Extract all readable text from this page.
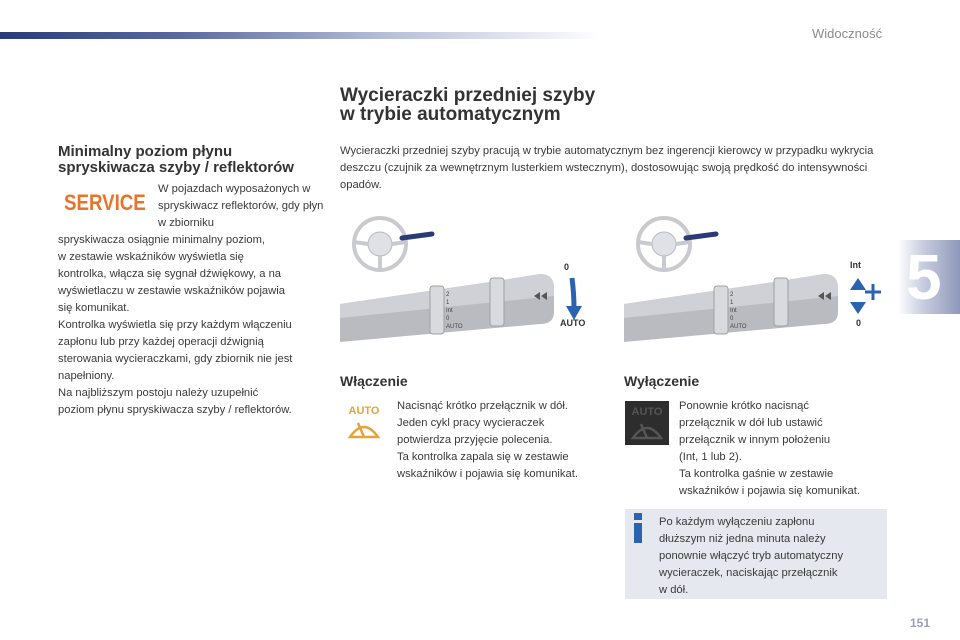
Widoczność
5
151
Minimalny poziom płynu spryskiwacza szyby / reflektorów
SERVICE
W pojazdach wyposażonych w spryskiwacz reflektorów, gdy płyn w zbiorniku
spryskiwacza osiągnie minimalny poziom,
w zestawie wskaźników wyświetla się
kontrolka, włącza się sygnał dźwiękowy, a na
wyświetlaczu w zestawie wskaźników pojawia
się komunikat.
Kontrolka wyświetla się przy każdym włączeniu
zapłonu lub przy każdej operacji dźwignią
sterowania wycieraczkami, gdy zbiornik nie jest
napełniony.
Na najbliższym postoju należy uzupełnić
poziom płynu spryskiwacza szyby / reflektorów.
Wycieraczki przedniej szyby w trybie automatycznym
Wycieraczki przedniej szyby pracują w trybie automatycznym bez ingerencji kierowcy w przypadku wykrycia deszczu (czujnik za wewnętrznym lusterkiem wstecznym), dostosowując swoją prędkość do intensywności opadów.
2
1
Int
0
AUTO
0
AUTO
2
1
Int
0
AUTO
Int
0
Włączenie
AUTO Nacisnąć krótko przełącznik w dół.
Jeden cykl pracy wycieraczek
potwierdza przyjęcie polecenia.
Ta kontrolka zapala się w zestawie
wskaźników i pojawia się komunikat.
Wyłączenie
AUTO Ponownie krótko nacisnąć
przełącznik w dół lub ustawić
przełącznik w innym położeniu
(Int, 1 lub 2).
Ta kontrolka gaśnie w zestawie
wskaźników i pojawia się komunikat.
Po każdym wyłączeniu zapłonu
dłuższym niż jedna minuta należy
ponownie włączyć tryb automatyczny
wycieraczek, naciskając przełącznik
w dół.
